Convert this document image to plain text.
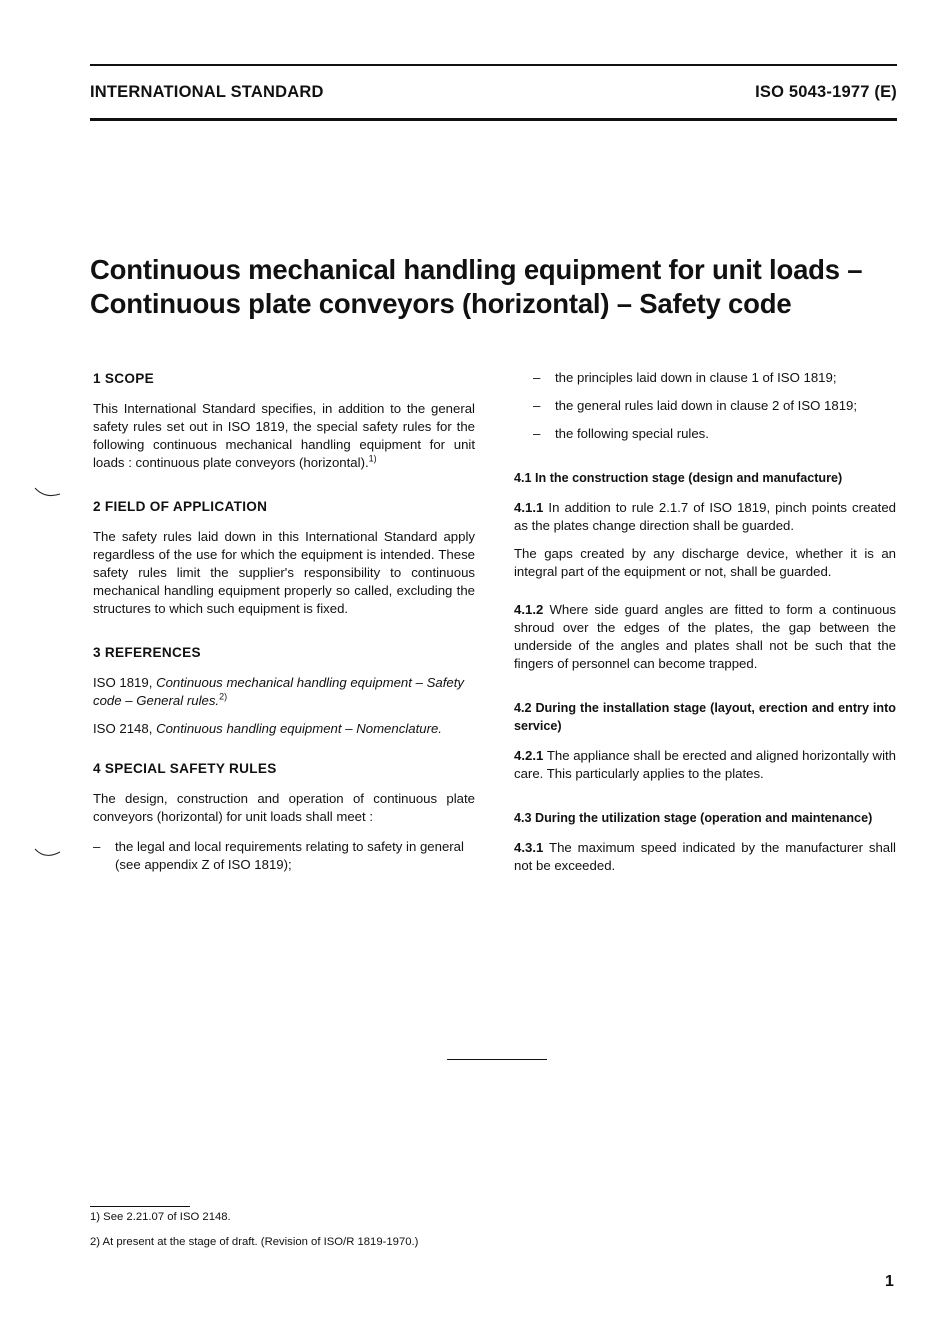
INTERNATIONAL STANDARD	ISO 5043-1977 (E)
Continuous mechanical handling equipment for unit loads –
Continuous plate conveyors (horizontal) – Safety code

1 SCOPE

This International Standard specifies, in addition to the general safety rules set out in ISO 1819, the special safety rules for the following continuous mechanical handling equipment for unit loads : continuous plate conveyors (horizontal).$^{1)}$

2 FIELD OF APPLICATION

The safety rules laid down in this International Standard apply regardless of the use for which the equipment is intended. These safety rules limit the supplier's responsibility to continuous mechanical handling equipment properly so called, excluding the structures to which such equipment is fixed.

3 REFERENCES

ISO 1819, Continuous mechanical handling equipment – Safety code – General rules.$^{2)}$

ISO 2148, Continuous handling equipment – Nomenclature.

4 SPECIAL SAFETY RULES

The design, construction and operation of continuous plate conveyors (horizontal) for unit loads shall meet :

– the legal and local requirements relating to safety in general (see appendix Z of ISO 1819);

– the principles laid down in clause 1 of ISO 1819;

– the general rules laid down in clause 2 of ISO 1819;

– the following special rules.

4.1 In the construction stage (design and manufacture)

4.1.1 In addition to rule 2.1.7 of ISO 1819, pinch points created as the plates change direction shall be guarded.

The gaps created by any discharge device, whether it is an integral part of the equipment or not, shall be guarded.

4.1.2 Where side guard angles are fitted to form a continuous shroud over the edges of the plates, the gap between the underside of the angles and plates shall not be such that the fingers of personnel can become trapped.

4.2 During the installation stage (layout, erection and entry into service)

4.2.1 The appliance shall be erected and aligned horizontally with care. This particularly applies to the plates.

4.3 During the utilization stage (operation and maintenance)

4.3.1 The maximum speed indicated by the manufacturer shall not be exceeded.

1) See 2.21.07 of ISO 2148.
2) At present at the stage of draft. (Revision of ISO/R 1819-1970.)
1
